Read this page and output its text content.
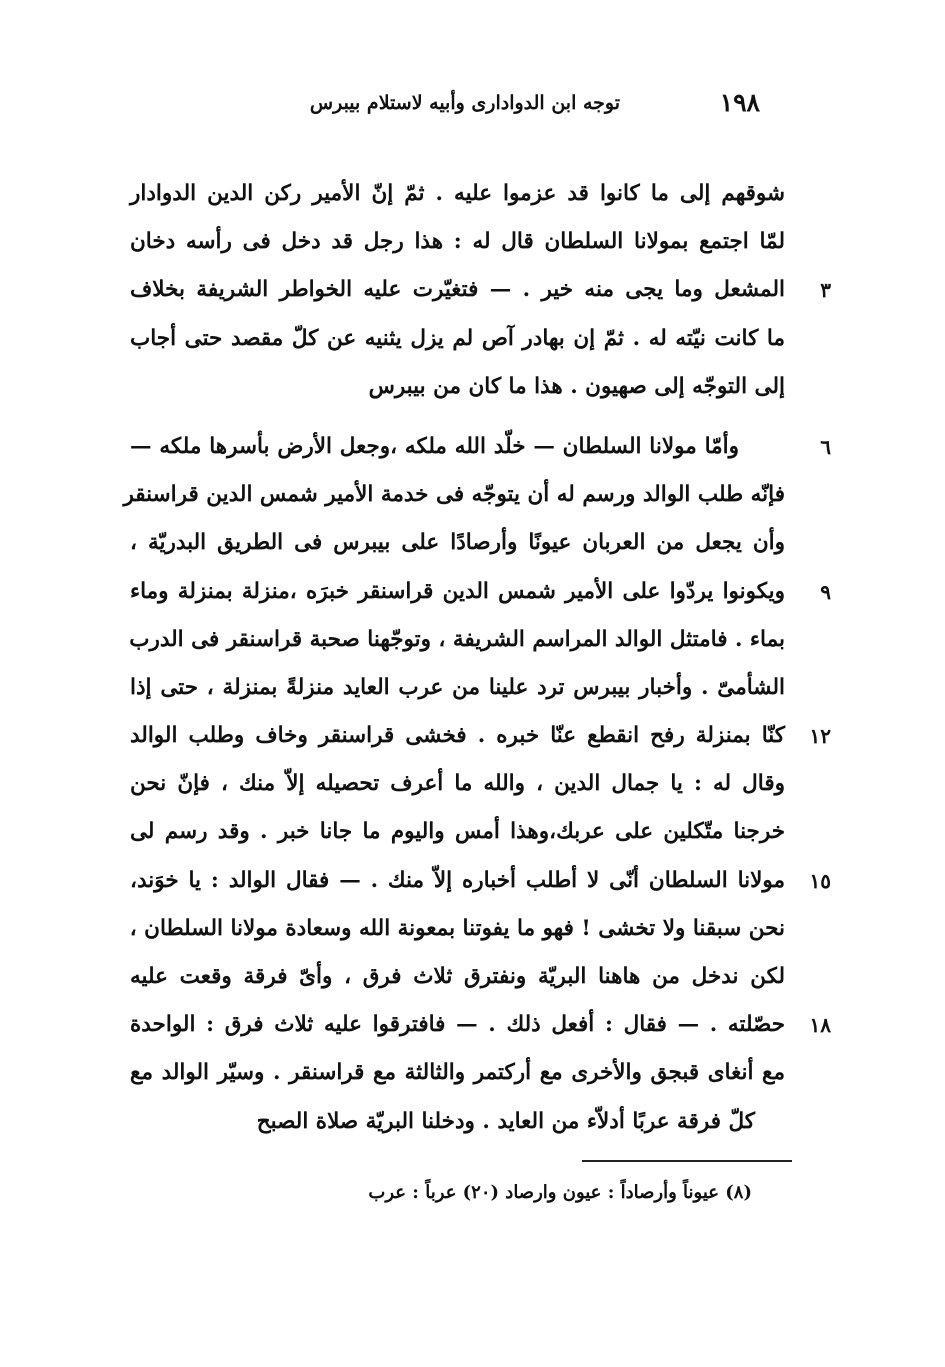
١٩٨
توجه ابن الدوادارى وأبيه لاستلام بيبرس
شوقهم إلى ما كانوا قد عزموا عليه . ثمّ إنّ الأمير ركن الدين الدوادار
لمّا اجتمع بمولانا السلطان قال له : هذا رجل قد دخل فى رأسه دخان
٣
المشعل وما يجى منه خير . — فتغيّرت عليه الخواطر الشريفة بخلاف
ما كانت نيّته له . ثمّ إن بهادر آص لم يزل يثنيه عن كلّ مقصد حتى أجاب
إلى التوجّه إلى صهيون . هذا ما كان من بيبرس
٦
وأمّا مولانا السلطان — خلّد الله ملكه ،وجعل الأرض بأسرها ملكه —
فإنّه طلب الوالد ورسم له أن يتوجّه فى خدمة الأمير شمس الدين قراسنقر
وأن يجعل من العربان عيونًا وأرصادًا على بيبرس فى الطريق البدريّة ،
٩
ويكونوا يردّوا على الأمير شمس الدين قراسنقر خبرَه ،منزلة بمنزلة وماء
بماء . فامتثل الوالد المراسم الشريفة ، وتوجّهنا صحبة قراسنقر فى الدرب
الشأمىّ . وأخبار بيبرس ترد علينا من عرب العايد منزلةً بمنزلة ، حتى إذا
١٢
كنّا بمنزلة رفح انقطع عنّا خبره . فخشى قراسنقر وخاف وطلب الوالد
وقال له : يا جمال الدين ، والله ما أعرف تحصيله إلاّ منك ، فإنّ نحن
خرجنا متّكلين على عربك،وهذا أمس واليوم ما جانا خبر . وقد رسم لى
١٥
مولانا السلطان أنّى لا أطلب أخباره إلاّ منك . — فقال الوالد : يا خوَند،
نحن سبقنا ولا تخشى ! فهو ما يفوتنا بمعونة الله وسعادة مولانا السلطان ،
لكن ندخل من هاهنا البريّة ونفترق ثلاث فرق ، وأىّ فرقة وقعت عليه
١٨
حصّلته . — فقال : أفعل ذلك . — فافترقوا عليه ثلاث فرق : الواحدة
مع أنغاى قبجق والأخرى مع أركتمر والثالثة مع قراسنقر . وسيّر الوالد مع
كلّ فرقة عربًا أدلاّء من العايد . ودخلنا البريّة صلاة الصبح
(٨) عيوناً وأرصاداً : عيون وارصاد (٢٠) عرباً : عرب
